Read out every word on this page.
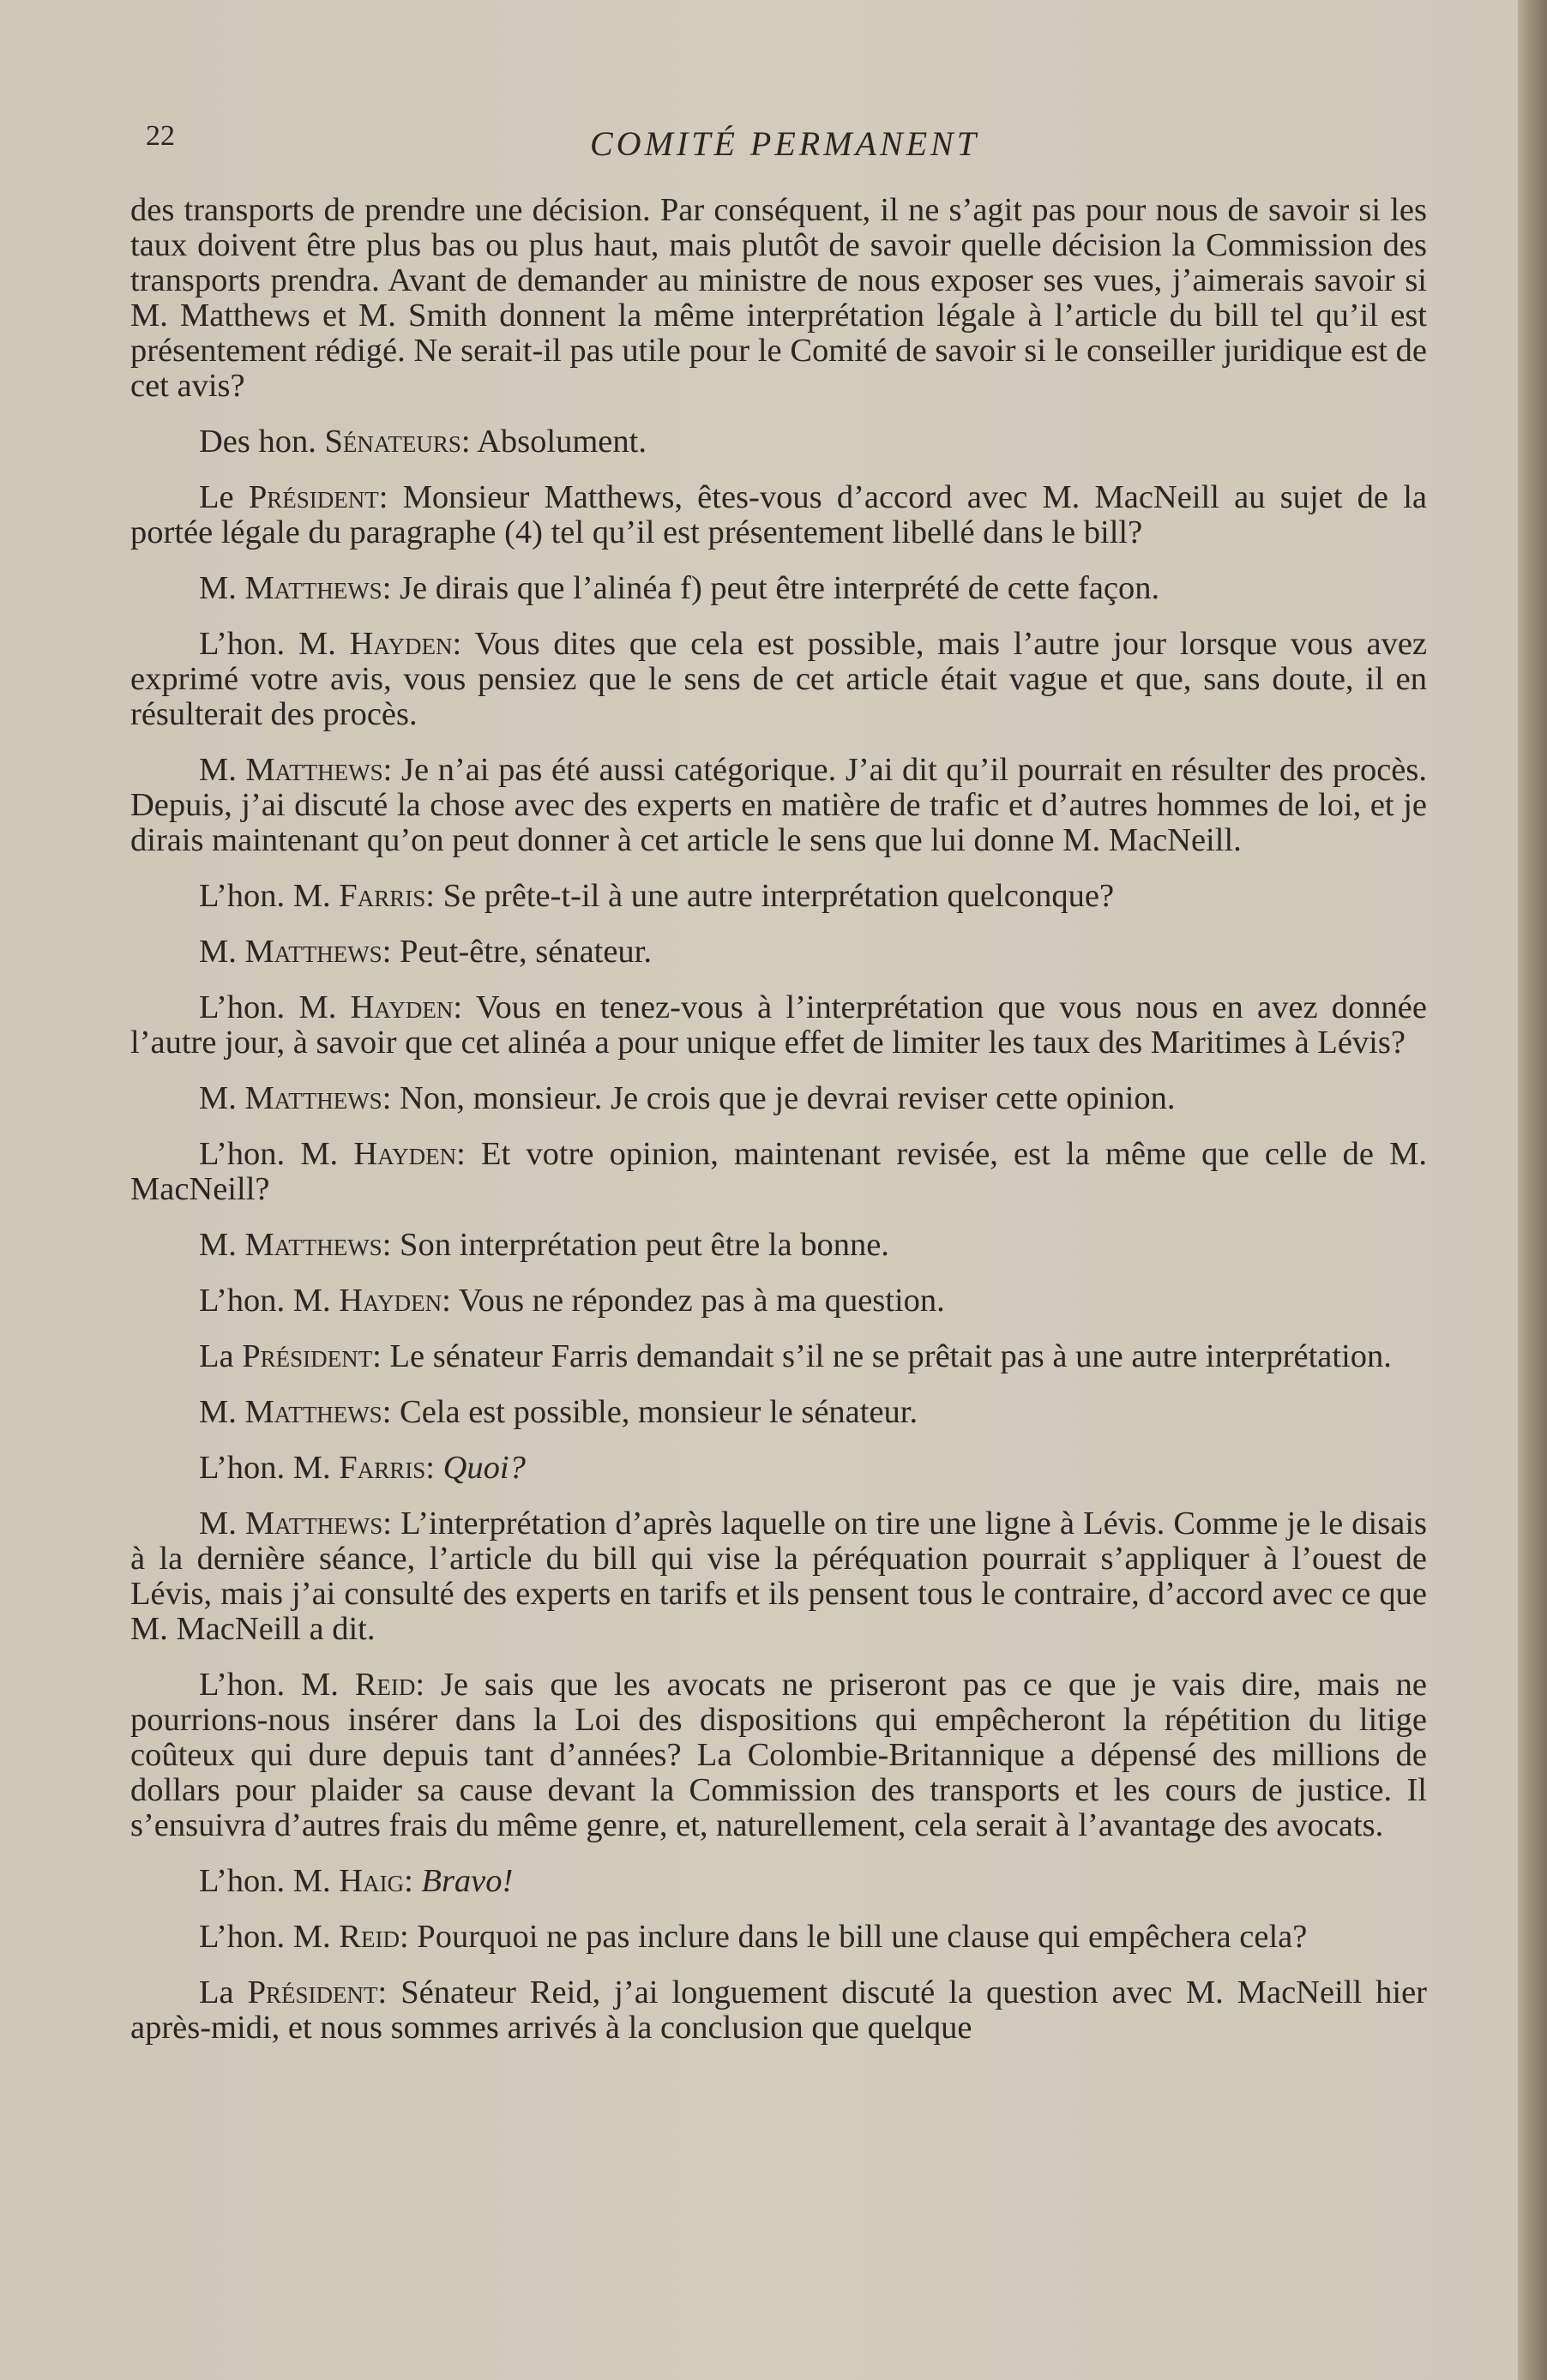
22	COMITÉ PERMANENT

des transports de prendre une décision. Par conséquent, il ne s’agit pas pour nous de savoir si les taux doivent être plus bas ou plus haut, mais plutôt de savoir quelle décision la Commission des transports prendra. Avant de demander au ministre de nous exposer ses vues, j’aimerais savoir si M. Matthews et M. Smith donnent la même interprétation légale à l’article du bill tel qu’il est présentement rédigé. Ne serait-il pas utile pour le Comité de savoir si le conseiller juridique est de cet avis?

Des hon. Sénateurs: Absolument.

Le Président: Monsieur Matthews, êtes-vous d’accord avec M. MacNeill au sujet de la portée légale du paragraphe (4) tel qu’il est présentement libellé dans le bill?

M. Matthews: Je dirais que l’alinéa f) peut être interprété de cette façon.

L’hon. M. Hayden: Vous dites que cela est possible, mais l’autre jour lorsque vous avez exprimé votre avis, vous pensiez que le sens de cet article était vague et que, sans doute, il en résulterait des procès.

M. Matthews: Je n’ai pas été aussi catégorique. J’ai dit qu’il pourrait en résulter des procès. Depuis, j’ai discuté la chose avec des experts en matière de trafic et d’autres hommes de loi, et je dirais maintenant qu’on peut donner à cet article le sens que lui donne M. MacNeill.

L’hon. M. Farris: Se prête-t-il à une autre interprétation quelconque?

M. Matthews: Peut-être, sénateur.

L’hon. M. Hayden: Vous en tenez-vous à l’interprétation que vous nous en avez donnée l’autre jour, à savoir que cet alinéa a pour unique effet de limiter les taux des Maritimes à Lévis?

M. Matthews: Non, monsieur. Je crois que je devrai reviser cette opinion.

L’hon. M. Hayden: Et votre opinion, maintenant revisée, est la même que celle de M. MacNeill?

M. Matthews: Son interprétation peut être la bonne.

L’hon. M. Hayden: Vous ne répondez pas à ma question.

La Président: Le sénateur Farris demandait s’il ne se prêtait pas à une autre interprétation.

M. Matthews: Cela est possible, monsieur le sénateur.

L’hon. M. Farris: Quoi?

M. Matthews: L’interprétation d’après laquelle on tire une ligne à Lévis. Comme je le disais à la dernière séance, l’article du bill qui vise la péréquation pourrait s’appliquer à l’ouest de Lévis, mais j’ai consulté des experts en tarifs et ils pensent tous le contraire, d’accord avec ce que M. MacNeill a dit.

L’hon. M. Reid: Je sais que les avocats ne priseront pas ce que je vais dire, mais ne pourrions-nous insérer dans la Loi des dispositions qui empêcheront la répétition du litige coûteux qui dure depuis tant d’années? La Colombie-Britannique a dépensé des millions de dollars pour plaider sa cause devant la Commission des transports et les cours de justice. Il s’ensuivra d’autres frais du même genre, et, naturellement, cela serait à l’avantage des avocats.

L’hon. M. Haig: Bravo!

L’hon. M. Reid: Pourquoi ne pas inclure dans le bill une clause qui empêchera cela?

La Président: Sénateur Reid, j’ai longuement discuté la question avec M. MacNeill hier après-midi, et nous sommes arrivés à la conclusion que quelque
